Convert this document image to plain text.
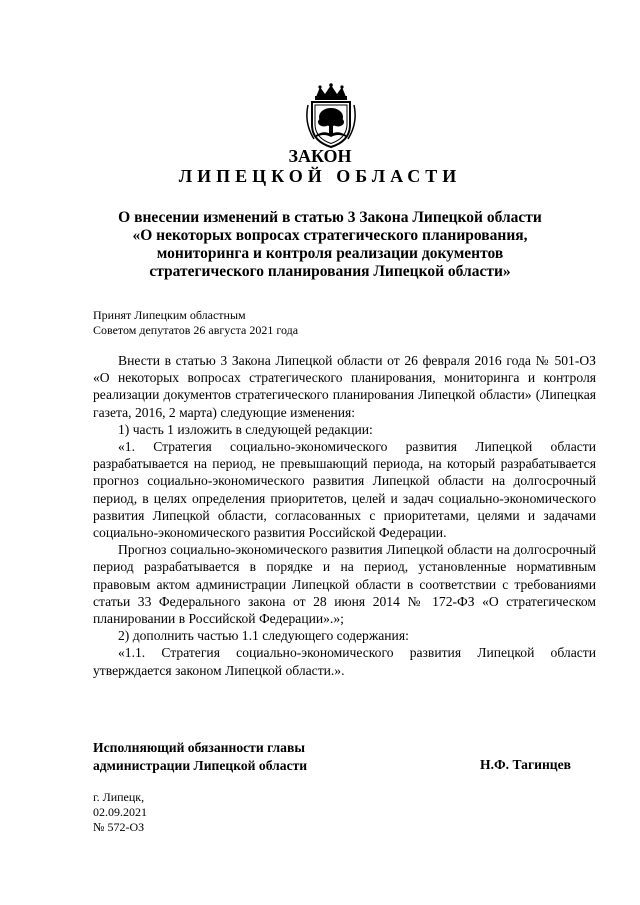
ЗАКОН
ЛИПЕЦКОЙ ОБЛАСТИ
О внесении изменений в статью 3 Закона Липецкой области
«О некоторых вопросах стратегического планирования,
мониторинга и контроля реализации документов
стратегического планирования Липецкой области»
Принят Липецким областным
Советом депутатов 26 августа 2021 года

Внести в статью 3 Закона Липецкой области от 26 февраля 2016 года № 501-ОЗ «О некоторых вопросах стратегического планирования, мониторинга и контроля реализации документов стратегического планирования Липецкой области» (Липецкая газета, 2016, 2 марта) следующие изменения:

1) часть 1 изложить в следующей редакции:

«1. Стратегия социально-экономического развития Липецкой области разрабатывается на период, не превышающий периода, на который разрабатывается прогноз социально-экономического развития Липецкой области на долгосрочный период, в целях определения приоритетов, целей и задач социально-экономического развития Липецкой области, согласованных с приоритетами, целями и задачами социально-экономического развития Российской Федерации.

Прогноз социально-экономического развития Липецкой области на долгосрочный период разрабатывается в порядке и на период, установленные нормативным правовым актом администрации Липецкой области в соответствии с требованиями статьи 33 Федерального закона от 28 июня 2014 № 172-ФЗ «О стратегическом планировании в Российской Федерации».»;

2) дополнить частью 1.1 следующего содержания:

«1.1. Стратегия социально-экономического развития Липецкой области утверждается законом Липецкой области.».

Исполняющий обязанности главы
администрации Липецкой области	Н.Ф. Тагинцев
г. Липецк,
02.09.2021
№ 572-ОЗ
